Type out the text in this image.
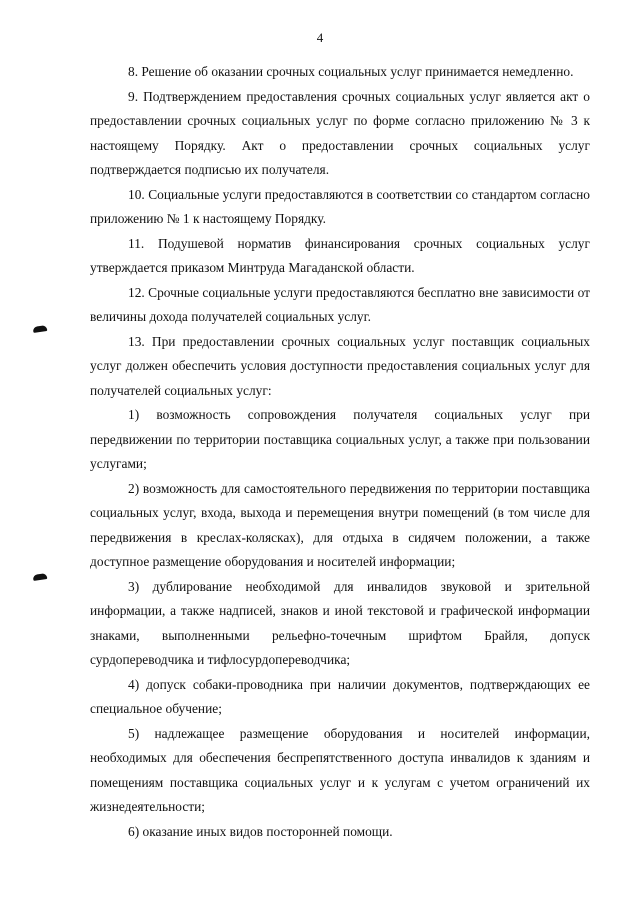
4

8. Решение об оказании срочных социальных услуг принимается немедленно.

9. Подтверждением предоставления срочных социальных услуг является акт о предоставлении срочных социальных услуг по форме согласно приложению № 3 к настоящему Порядку. Акт о предоставлении срочных социальных услуг подтверждается подписью их получателя.

10. Социальные услуги предоставляются в соответствии со стандартом согласно приложению № 1 к настоящему Порядку.

11. Подушевой норматив финансирования срочных социальных услуг утверждается приказом Минтруда Магаданской области.

12. Срочные социальные услуги предоставляются бесплатно вне зависимости от величины дохода получателей социальных услуг.

13. При предоставлении срочных социальных услуг поставщик социальных услуг должен обеспечить условия доступности предоставления социальных услуг для получателей социальных услуг:

1) возможность сопровождения получателя социальных услуг при передвижении по территории поставщика социальных услуг, а также при пользовании услугами;

2) возможность для самостоятельного передвижения по территории поставщика социальных услуг, входа, выхода и перемещения внутри помещений (в том числе для передвижения в креслах-колясках), для отдыха в сидячем положении, а также доступное размещение оборудования и носителей информации;

3) дублирование необходимой для инвалидов звуковой и зрительной информации, а также надписей, знаков и иной текстовой и графической информации знаками, выполненными рельефно-точечным шрифтом Брайля, допуск сурдопереводчика и тифлосурдопереводчика;

4) допуск собаки-проводника при наличии документов, подтверждающих ее специальное обучение;

5) надлежащее размещение оборудования и носителей информации, необходимых для обеспечения беспрепятственного доступа инвалидов к зданиям и помещениям поставщика социальных услуг и к услугам с учетом ограничений их жизнедеятельности;

6) оказание иных видов посторонней помощи.
